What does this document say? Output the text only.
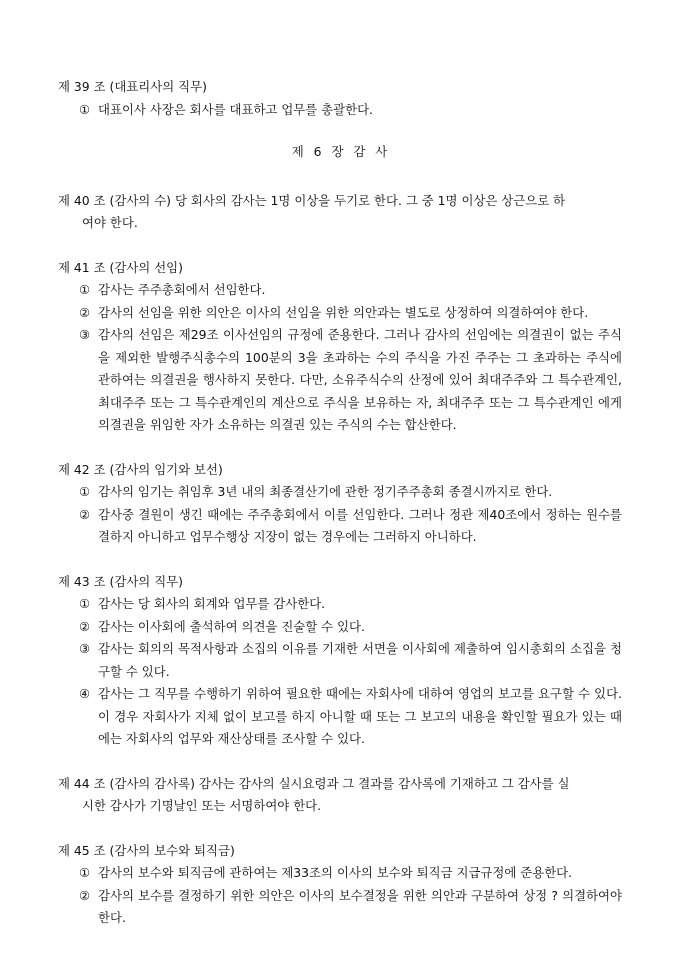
제 39 조 (대표리사의 직무)
① 대표이사 사장은 회사를 대표하고 업무를 총괄한다.
제 6 장 감 사
제 40 조 (감사의 수) 당 회사의 감사는 1명 이상을 두기로 한다. 그 중 1명 이상은 상근으로 하
여야 한다.
제 41 조 (감사의 선임)
① 감사는 주주총회에서 선임한다.
② 감사의 선임을 위한 의안은 이사의 선임을 위한 의안과는 별도로 상정하여 의결하여야 한다.
③ 감사의 선임은 제29조 이사선임의 규정에 준용한다. 그러나 감사의 선임에는 의결권이 없는 주식을 제외한 발행주식총수의 100분의 3을 초과하는 수의 주식을 가진 주주는 그 초과하는 주식에 관하여는 의결권을 행사하지 못한다. 다만, 소유주식수의 산정에 있어 최대주주와 그 특수관계인, 최대주주 또는 그 특수관계인의 계산으로 주식을 보유하는 자, 최대주주 또는 그 특수관계인 에게 의결권을 위임한 자가 소유하는 의결권 있는 주식의 수는 합산한다.
제 42 조 (감사의 임기와 보선)
① 감사의 임기는 취임후 3년 내의 최종결산기에 관한 정기주주총회 종결시까지로 한다.
② 감사중 결원이 생긴 때에는 주주총회에서 이를 선임한다. 그러나 정관 제40조에서 정하는 원수를 결하지 아니하고 업무수행상 지장이 없는 경우에는 그러하지 아니하다.
제 43 조 (감사의 직무)
① 감사는 당 회사의 회계와 업무를 감사한다.
② 감사는 이사회에 출석하여 의견을 진술할 수 있다.
③ 감사는 회의의 목적사항과 소집의 이유를 기재한 서면을 이사회에 제출하여 임시총회의 소집을 청구할 수 있다.
④ 감사는 그 직무를 수행하기 위하여 필요한 때에는 자회사에 대하여 영업의 보고를 요구할 수 있다. 이 경우 자회사가 지체 없이 보고를 하지 아니할 때 또는 그 보고의 내용을 확인할 필요가 있는 때에는 자회사의 업무와 재산상태를 조사할 수 있다.
제 44 조 (감사의 감사록) 감사는 감사의 실시요령과 그 결과를 감사록에 기재하고 그 감사를 실
시한 감사가 기명날인 또는 서명하여야 한다.
제 45 조 (감사의 보수와 퇴직금)
① 감사의 보수와 퇴직금에 관하여는 제33조의 이사의 보수와 퇴직금 지급규정에 준용한다.
② 감사의 보수를 결정하기 위한 의안은 이사의 보수결정을 위한 의안과 구분하여 상정 ? 의결하여야 한다.
